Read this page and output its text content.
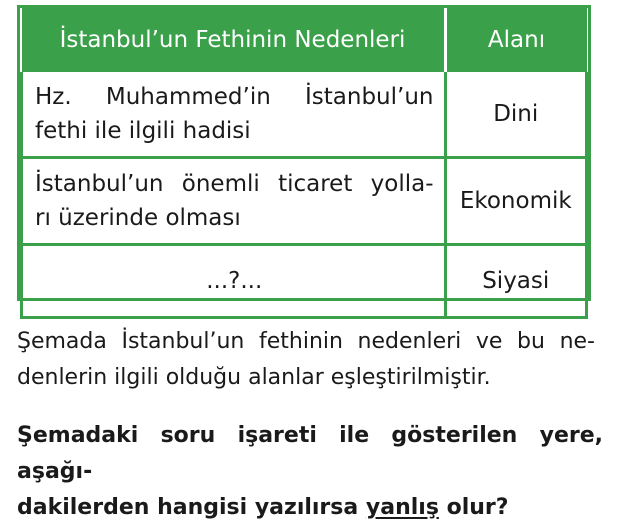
İstanbul’un Fethinin Nedenleri	Alanı

Hz. Muhammed’in İstanbul’un
fethi ile ilgili hadisi	Dini

İstanbul’un önemli ticaret yolla-
rı üzerinde olması	Ekonomik
...?...	Siyasi

Şemada İstanbul’un fethinin nedenleri ve bu ne-
denlerin ilgili olduğu alanlar eşleştirilmiştir.

Şemadaki soru işareti ile gösterilen yere, aşağı-
dakilerden hangisi yazılırsa yanlış olur?
